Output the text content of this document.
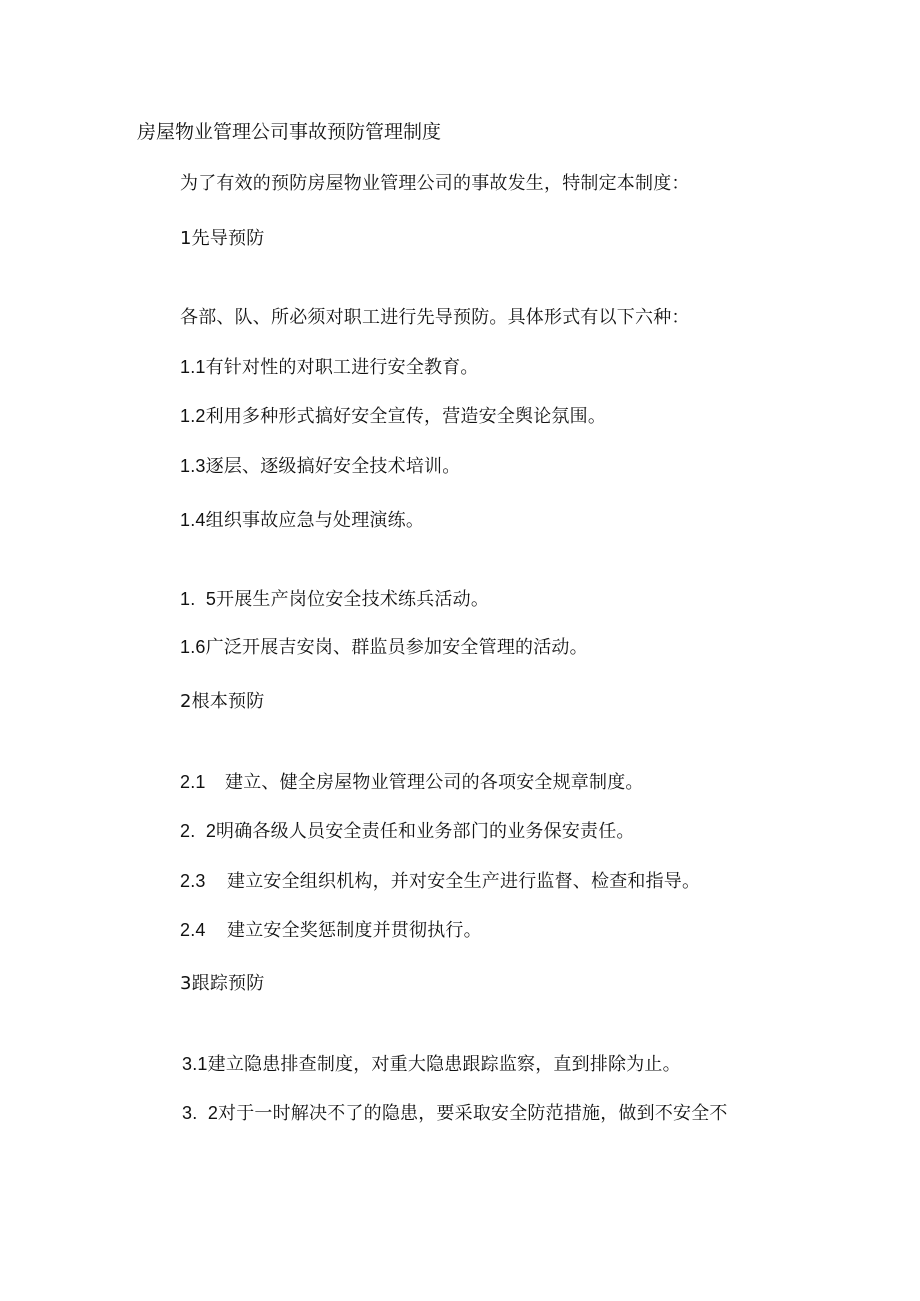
房屋物业管理公司事故预防管理制度
为了有效的预防房屋物业管理公司的事故发生，特制定本制度：
1先导预防
各部、队、所必须对职工进行先导预防。具体形式有以下六种：
1.1有针对性的对职工进行安全教育。
1.2利用多种形式搞好安全宣传，营造安全舆论氛围。
1.3逐层、逐级搞好安全技术培训。
1.4组织事故应急与处理演练。
1.  5开展生产岗位安全技术练兵活动。
1.6广泛开展吉安岗、群监员参加安全管理的活动。
2根本预防
2.1 建立、健全房屋物业管理公司的各项安全规章制度。
2.  2明确各级人员安全责任和业务部门的业务保安责任。
2.3 建立安全组织机构，并对安全生产进行监督、检查和指导。
2.4 建立安全奖惩制度并贯彻执行。
3跟踪预防
3.1建立隐患排查制度，对重大隐患跟踪监察，直到排除为止。
3.  2对于一时解决不了的隐患，要采取安全防范措施，做到不安全不
